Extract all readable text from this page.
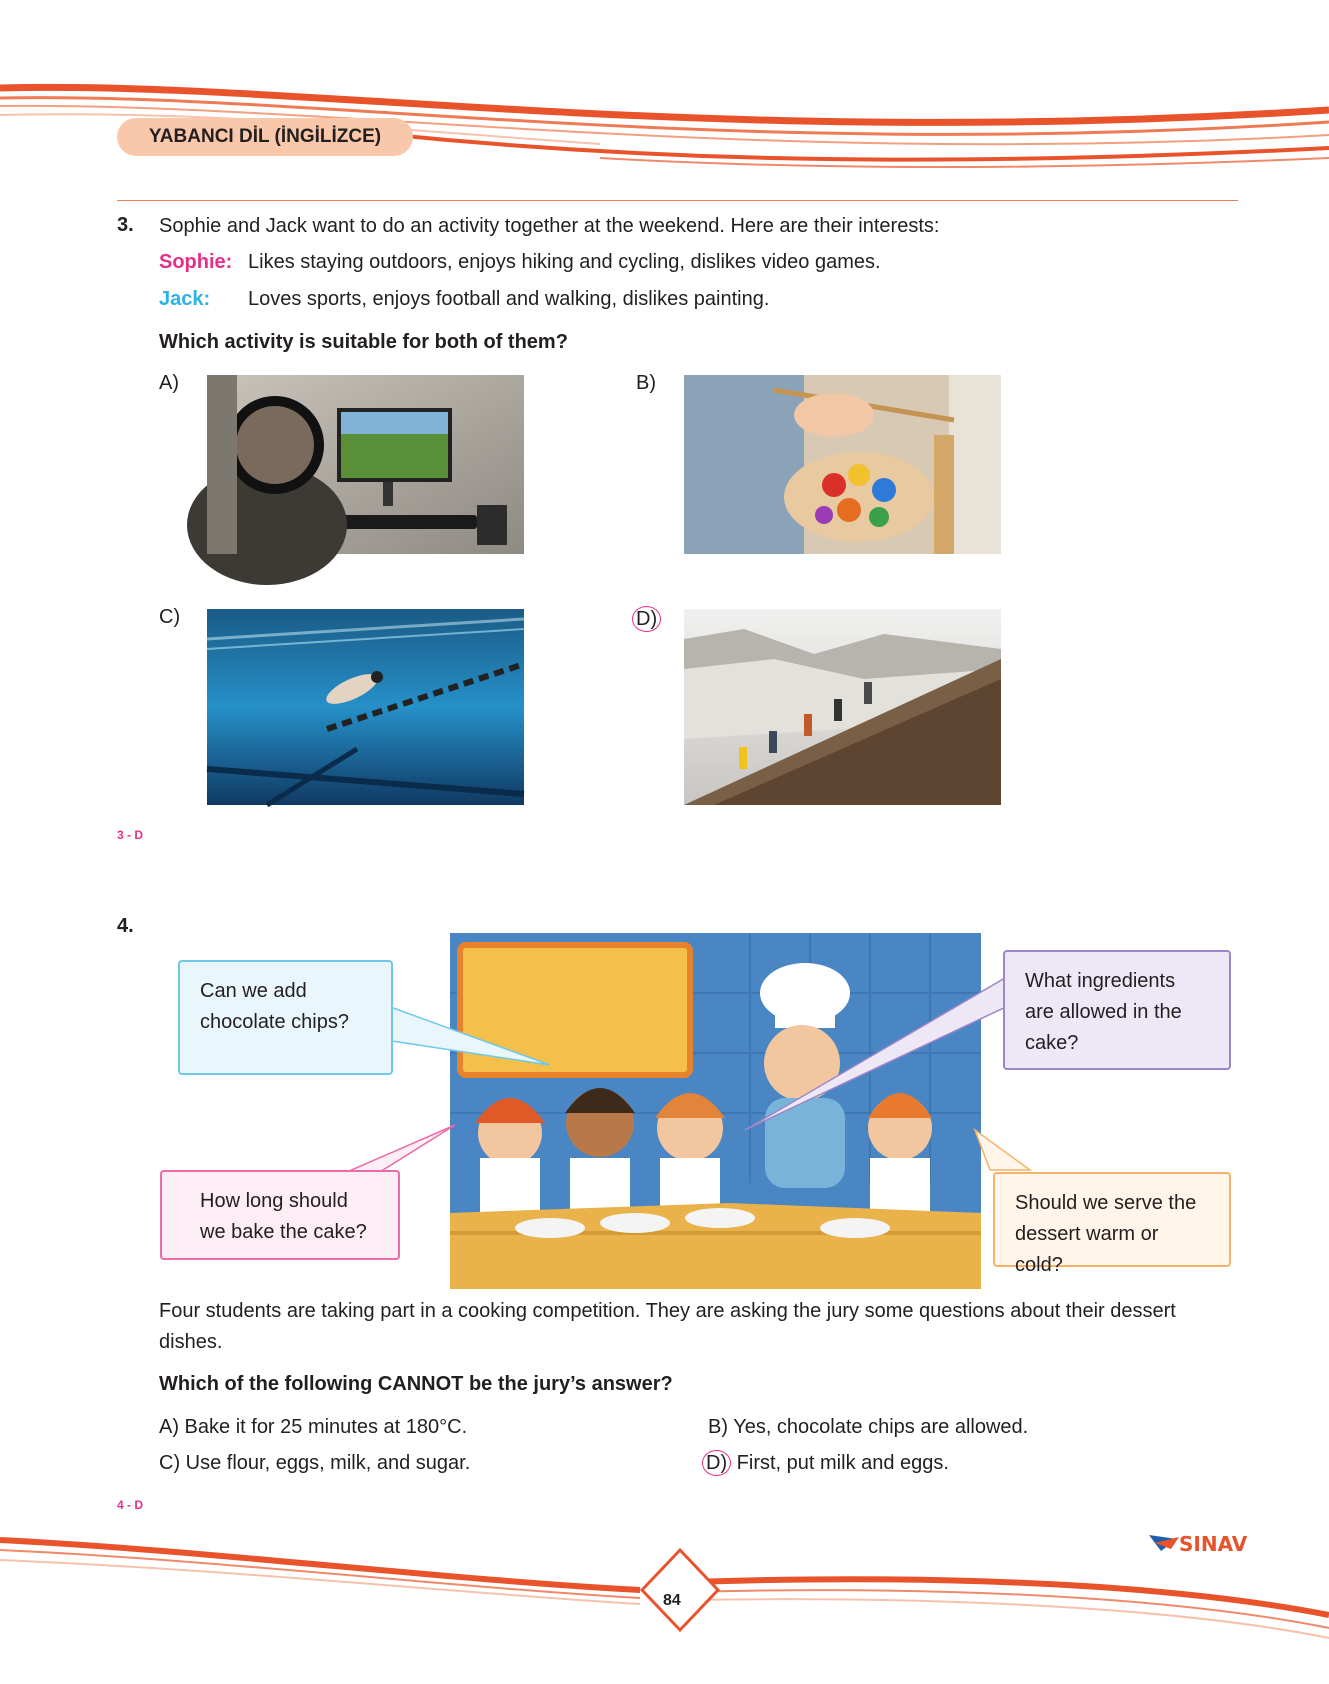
YABANCI DİL (İNGİLİZCE)
3. Sophie and Jack want to do an activity together at the weekend. Here are their interests:
Sophie: Likes staying outdoors, enjoys hiking and cycling, dislikes video games.
Jack: Loves sports, enjoys football and walking, dislikes painting.
Which activity is suitable for both of them?
A)	B)
C)	D)
3 - D
4.
Can we add chocolate chips?
What ingredients are allowed in the cake?
How long should we bake the cake?
Should we serve the dessert warm or cold?
Four students are taking part in a cooking competition. They are asking the jury some questions about their dessert dishes.
Which of the following CANNOT be the jury’s answer?
A) Bake it for 25 minutes at 180°C.	B) Yes, chocolate chips are allowed.
C) Use flour, eggs, milk, and sugar.	D) First, put milk and eggs.
4 - D
84
SINAV
